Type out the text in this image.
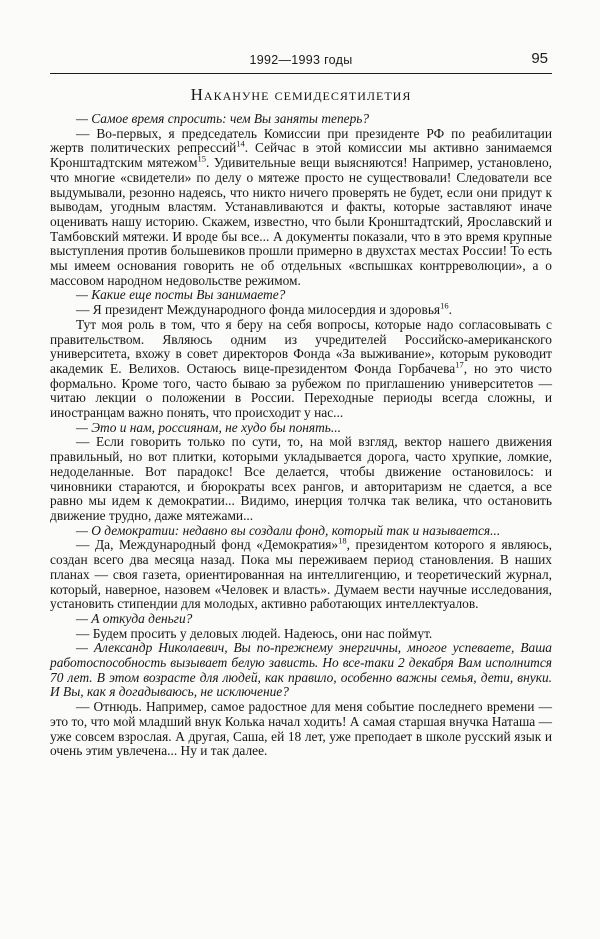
1992—1993 годы	95
Накануне семидесятилетия

— Самое время спросить: чем Вы заняты теперь?

— Во-первых, я председатель Комиссии при президенте РФ по реабилитации жертв политических репрессий$^{14}$. Сейчас в этой комиссии мы активно занимаемся Кронштадтским мятежом$^{15}$. Удивительные вещи выясняются! Например, установлено, что многие «свидетели» по делу о мятеже просто не существовали! Следователи все выдумывали, резонно надеясь, что никто ничего проверять не будет, если они придут к выводам, угодным властям. Устанавливаются и факты, которые заставляют иначе оценивать нашу историю. Скажем, известно, что были Кронштадтский, Ярославский и Тамбовский мятежи. И вроде бы все... А документы показали, что в это время крупные выступления против большевиков прошли примерно в двухстах местах России! То есть мы имеем основания говорить не об отдельных «вспышках контрреволюции», а о массовом народном недовольстве режимом.

— Какие еще посты Вы занимаете?

— Я президент Международного фонда милосердия и здоровья$^{16}$.

Тут моя роль в том, что я беру на себя вопросы, которые надо согласовывать с правительством. Являюсь одним из учредителей Российско-американского университета, вхожу в совет директоров Фонда «За выживание», которым руководит академик Е. Велихов. Остаюсь вице-президентом Фонда Горбачева$^{17}$, но это чисто формально. Кроме того, часто бываю за рубежом по приглашению университетов — читаю лекции о положении в России. Переходные периоды всегда сложны, и иностранцам важно понять, что происходит у нас...

— Это и нам, россиянам, не худо бы понять...

— Если говорить только по сути, то, на мой взгляд, вектор нашего движения правильный, но вот плитки, которыми укладывается дорога, часто хрупкие, ломкие, недоделанные. Вот парадокс! Все делается, чтобы движение остановилось: и чиновники стараются, и бюрократы всех рангов, и авторитаризм не сдается, а все равно мы идем к демократии... Видимо, инерция толчка так велика, что остановить движение трудно, даже мятежами...

— О демократии: недавно вы создали фонд, который так и называется...

— Да, Международный фонд «Демократия»$^{18}$, президентом которого я являюсь, создан всего два месяца назад. Пока мы переживаем период становления. В наших планах — своя газета, ориентированная на интеллигенцию, и теоретический журнал, который, наверное, назовем «Человек и власть». Думаем вести научные исследования, установить стипендии для молодых, активно работающих интеллектуалов.

— А откуда деньги?

— Будем просить у деловых людей. Надеюсь, они нас поймут.

— Александр Николаевич, Вы по-прежнему энергичны, многое успеваете, Ваша работоспособность вызывает белую зависть. Но все-таки 2 декабря Вам исполнится 70 лет. В этом возрасте для людей, как правило, особенно важны семья, дети, внуки. И Вы, как я догадываюсь, не исключение?

— Отнюдь. Например, самое радостное для меня событие последнего времени — это то, что мой младший внук Колька начал ходить! А самая старшая внучка Наташа — уже совсем взрослая. А другая, Саша, ей 18 лет, уже преподает в школе русский язык и очень этим увлечена... Ну и так далее.
